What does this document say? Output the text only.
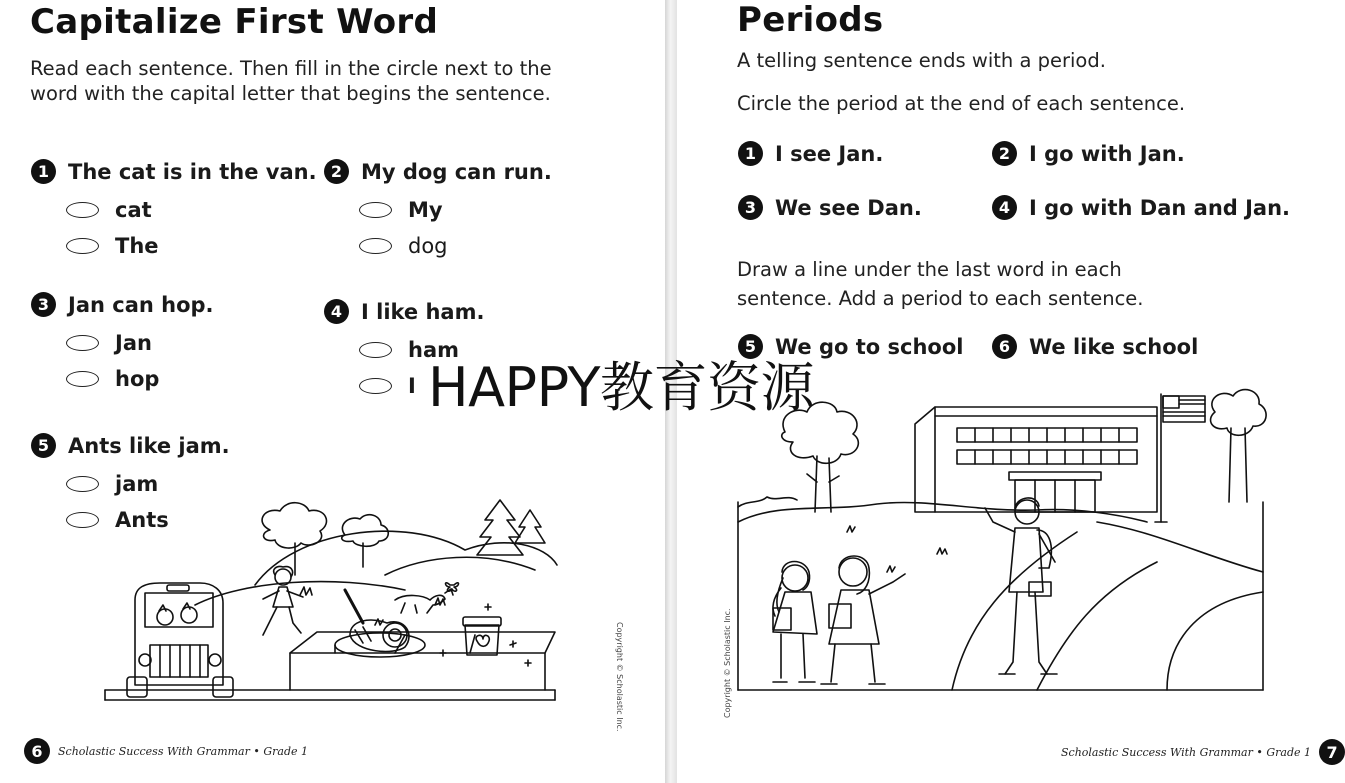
Capitalize First Word
Read each sentence. Then fill in the circle next to the
word with the capital letter that begins the sentence.
1 The cat is in the van.
cat
The
2 My dog can run.
My
dog
3 Jan can hop.
Jan
hop
4 I like ham.
ham
I
5 Ants like jam.
jam
Ants
Copyright © Scholastic Inc.
6	Scholastic Success With Grammar • Grade 1
Periods
A telling sentence ends with a period.
Circle the period at the end of each sentence.
1 I see Jan.	2 I go with Jan.
3 We see Dan.	4 I go with Dan and Jan.
Draw a line under the last word in each
sentence. Add a period to each sentence.
5 We go to school	6 We like school
Copyright © Scholastic Inc.
Scholastic Success With Grammar • Grade 1 7
HAPPY教育资源
